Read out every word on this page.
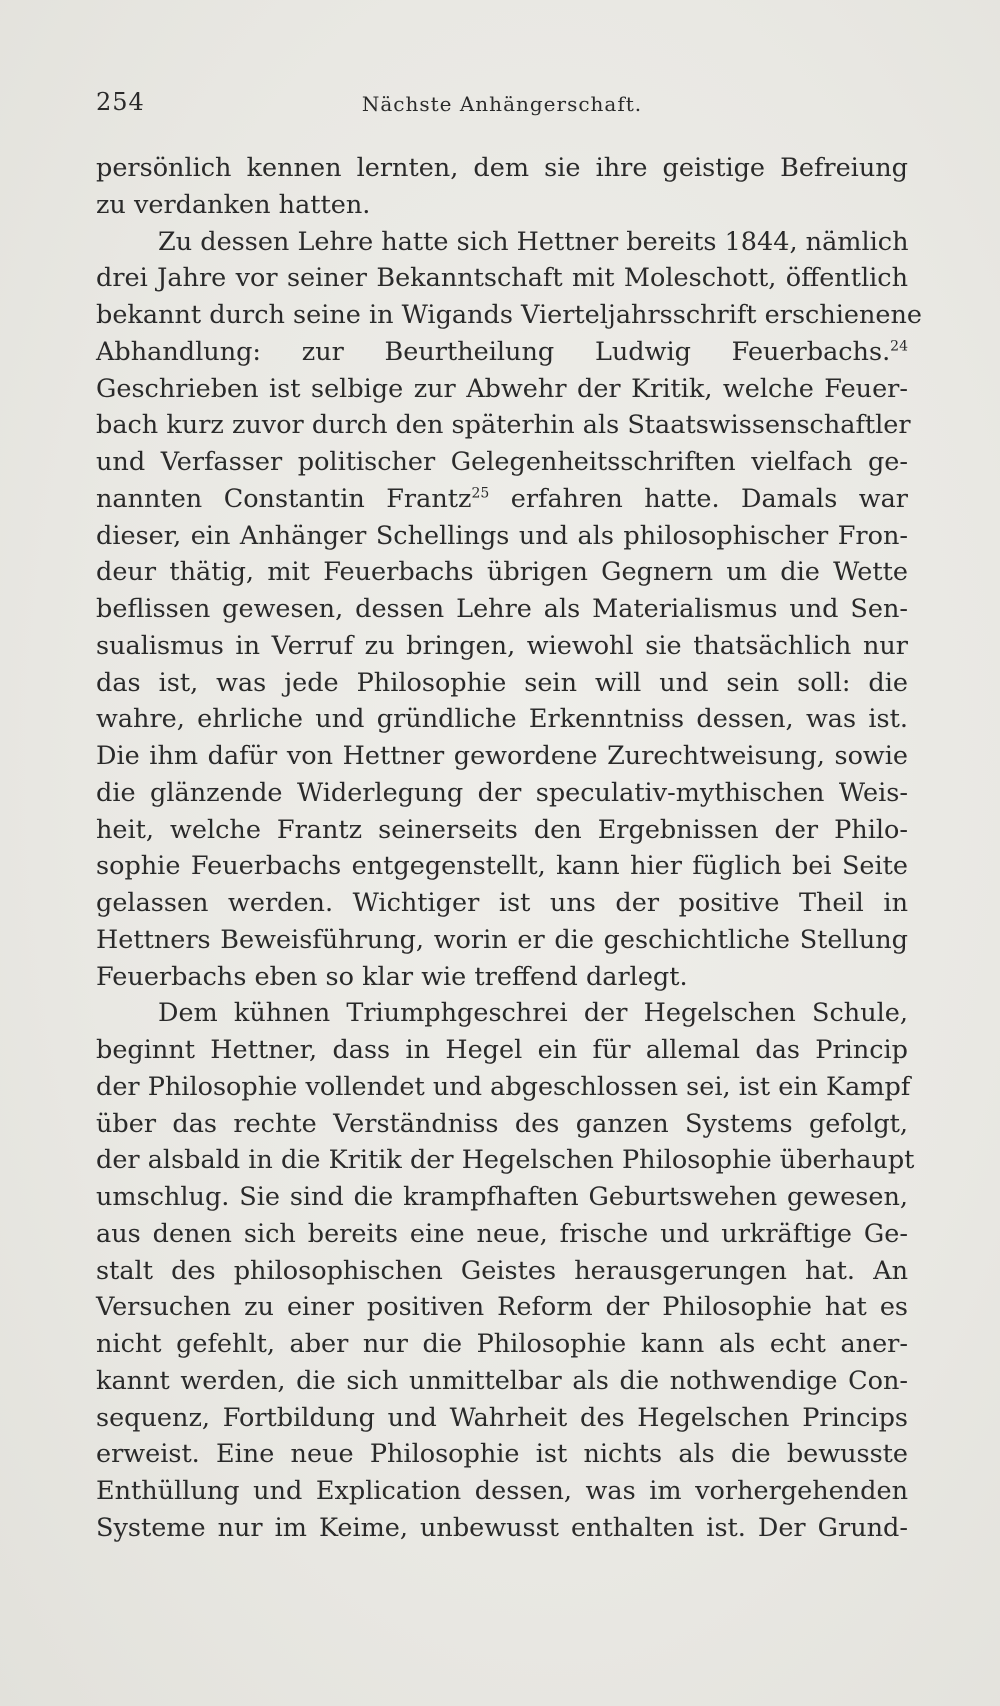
254	Nächste Anhängerschaft.
persönlich kennen lernten, dem sie ihre geistige Befreiung
zu verdanken hatten.
Zu dessen Lehre hatte sich Hettner bereits 1844, nämlich
drei Jahre vor seiner Bekanntschaft mit Moleschott, öffentlich
bekannt durch seine in Wigands Vierteljahrsschrift erschienene
Abhandlung: zur Beurtheilung Ludwig Feuerbachs.$^{24}$
Geschrieben ist selbige zur Abwehr der Kritik, welche Feuer-
bach kurz zuvor durch den späterhin als Staatswissenschaftler
und Verfasser politischer Gelegenheitsschriften vielfach ge-
nannten Constantin Frantz$^{25}$ erfahren hatte. Damals war
dieser, ein Anhänger Schellings und als philosophischer Fron-
deur thätig, mit Feuerbachs übrigen Gegnern um die Wette
beflissen gewesen, dessen Lehre als Materialismus und Sen-
sualismus in Verruf zu bringen, wiewohl sie thatsächlich nur
das ist, was jede Philosophie sein will und sein soll: die
wahre, ehrliche und gründliche Erkenntniss dessen, was ist.
Die ihm dafür von Hettner gewordene Zurechtweisung, sowie
die glänzende Widerlegung der speculativ-mythischen Weis-
heit, welche Frantz seinerseits den Ergebnissen der Philo-
sophie Feuerbachs entgegenstellt, kann hier füglich bei Seite
gelassen werden. Wichtiger ist uns der positive Theil in
Hettners Beweisführung, worin er die geschichtliche Stellung
Feuerbachs eben so klar wie treffend darlegt.
Dem kühnen Triumphgeschrei der Hegelschen Schule,
beginnt Hettner, dass in Hegel ein für allemal das Princip
der Philosophie vollendet und abgeschlossen sei, ist ein Kampf
über das rechte Verständniss des ganzen Systems gefolgt,
der alsbald in die Kritik der Hegelschen Philosophie überhaupt
umschlug. Sie sind die krampfhaften Geburtswehen gewesen,
aus denen sich bereits eine neue, frische und urkräftige Ge-
stalt des philosophischen Geistes herausgerungen hat. An
Versuchen zu einer positiven Reform der Philosophie hat es
nicht gefehlt, aber nur die Philosophie kann als echt aner-
kannt werden, die sich unmittelbar als die nothwendige Con-
sequenz, Fortbildung und Wahrheit des Hegelschen Princips
erweist. Eine neue Philosophie ist nichts als die bewusste
Enthüllung und Explication dessen, was im vorhergehenden
Systeme nur im Keime, unbewusst enthalten ist. Der Grund-
